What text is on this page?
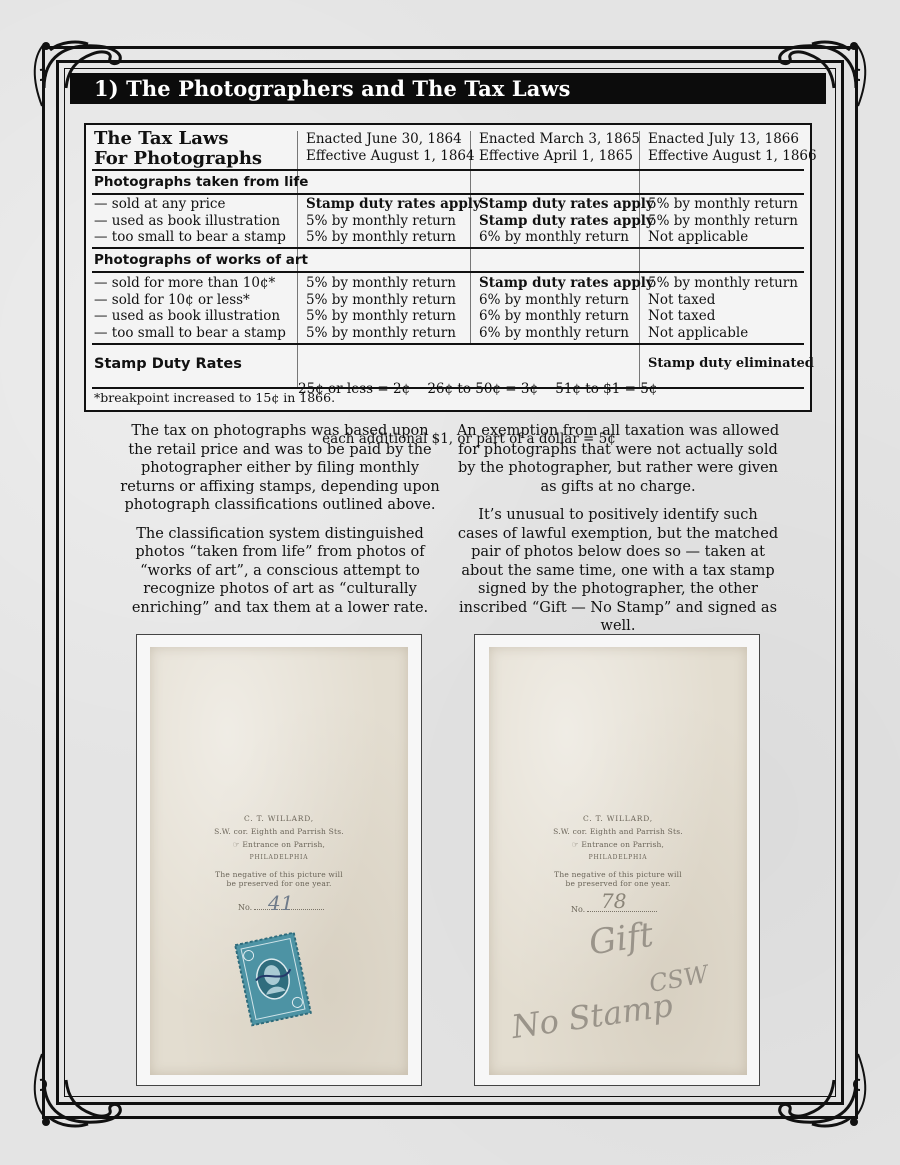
1) The Photographers and The Tax Laws
The Tax Laws
For Photographs
Enacted June 30, 1864
Effective August 1, 1864
Enacted March 3, 1865
Effective April 1, 1865
Enacted July 13, 1866
Effective August 1, 1866
Photographs taken from life
— sold at any price
— used as book illustration
— too small to bear a stamp
Stamp duty rates apply
5% by monthly return
5% by monthly return
Stamp duty rates apply
Stamp duty rates apply
6% by monthly return
5% by monthly return
5% by monthly return
Not applicable
Photographs of works of art
— sold for more than 10¢*
— sold for 10¢ or less*
— used as book illustration
— too small to bear a stamp
5% by monthly return
5% by monthly return
5% by monthly return
5% by monthly return
Stamp duty rates apply
6% by monthly return
6% by monthly return
6% by monthly return
5% by monthly return
Not taxed
Not taxed
Not applicable
Stamp Duty Rates

25¢ or less = 2¢    26¢ to 50¢ = 3¢    51¢ to $1 = 5¢

each additional $1, or part of a dollar = 5¢

Stamp duty eliminated
*breakpoint increased to 15¢ in 1866.

The tax on photographs was based upon the retail price and was to be paid by the photographer either by filing monthly returns or affixing stamps, depending upon photograph classifications outlined above.

The classification system distinguished photos “taken from life” from photos of “works of art”, a conscious attempt to recognize photos of art as “culturally enriching” and tax them at a lower rate.

An exemption from all taxation was allowed for photographs that were not actually sold by the photographer, but rather were given as gifts at no charge.

It’s unusual to positively identify such cases of lawful exemption, but the matched pair of photos below does so — taken at about the same time, one with a tax stamp signed by the photographer, the other inscribed “Gift — No Stamp” and signed as well.

C. T. WILLARD,
S.W. cor. Eighth and Parrish Sts.
☞ Entrance on Parrish,
PHILADELPHIA
The negative of this picture will
be preserved for one year.
No. 41
C. T. WILLARD,
S.W. cor. Eighth and Parrish Sts.
☞ Entrance on Parrish,
PHILADELPHIA
The negative of this picture will
be preserved for one year.
No. 78
Gift
CSW
No Stamp
